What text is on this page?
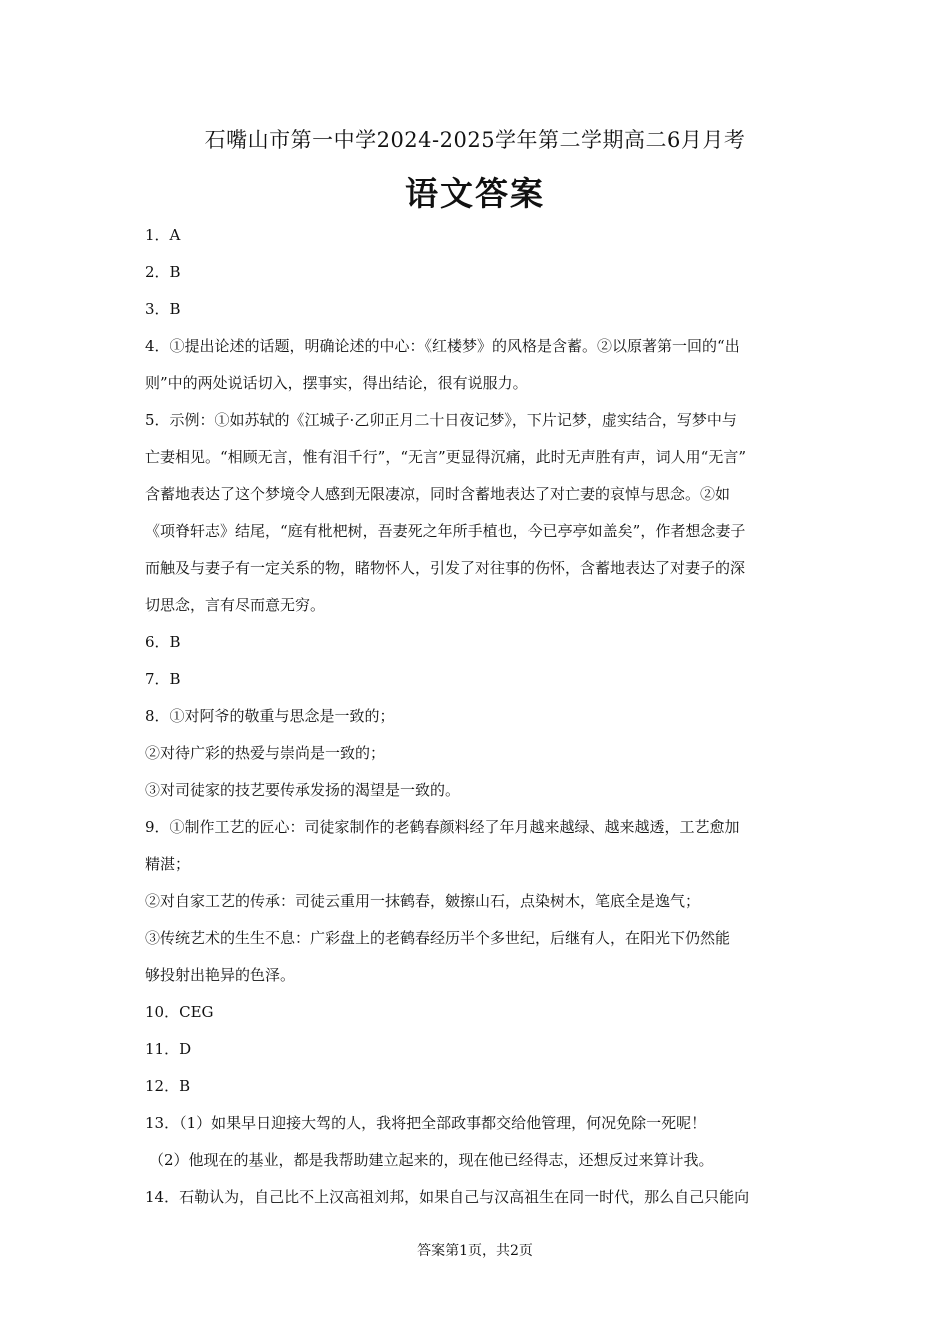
石嘴山市第一中学2024-2025学年第二学期高二6月月考
语文答案
1．A
2．B
3．B
4．①提出论述的话题，明确论述的中心：《红楼梦》的风格是含蓄。②以原著第一回的“出
则”中的两处说话切入，摆事实，得出结论，很有说服力。
5．示例：①如苏轼的《江城子·乙卯正月二十日夜记梦》，下片记梦，虚实结合，写梦中与
亡妻相见。“相顾无言，惟有泪千行”，“无言”更显得沉痛，此时无声胜有声，词人用“无言”
含蓄地表达了这个梦境令人感到无限凄凉，同时含蓄地表达了对亡妻的哀悼与思念。②如
《项脊轩志》结尾，“庭有枇杷树，吾妻死之年所手植也，今已亭亭如盖矣”，作者想念妻子
而触及与妻子有一定关系的物，睹物怀人，引发了对往事的伤怀，含蓄地表达了对妻子的深
切思念，言有尽而意无穷。
6．B
7．B
8．①对阿爷的敬重与思念是一致的；
②对待广彩的热爱与崇尚是一致的；
③对司徒家的技艺要传承发扬的渴望是一致的。
9．①制作工艺的匠心：司徒家制作的老鹤春颜料经了年月越来越绿、越来越透，工艺愈加
精湛；
②对自家工艺的传承：司徒云重用一抹鹤春，皴擦山石，点染树木，笔底全是逸气；
③传统艺术的生生不息：广彩盘上的老鹤春经历半个多世纪，后继有人，在阳光下仍然能
够投射出艳异的色泽。
10．CEG
11．D
12．B
13．（1）如果早日迎接大驾的人，我将把全部政事都交给他管理，何况免除一死呢！
（2）他现在的基业，都是我帮助建立起来的，现在他已经得志，还想反过来算计我。
14．石勒认为，自己比不上汉高祖刘邦，如果自己与汉高祖生在同一时代，那么自己只能向
答案第1页，共2页
